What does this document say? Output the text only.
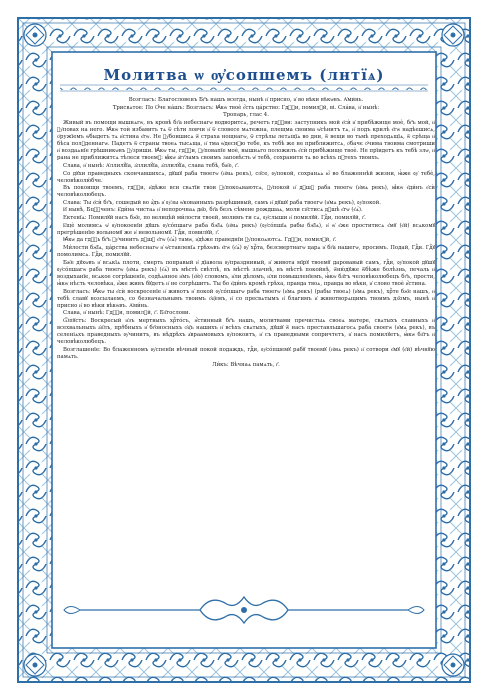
Молитва ѡ ѹ҆сопшемъ (лнтїѧ)

Возгласъ: Благословенъ Бг҃ъ нашъ всегда, нынѣ и҆ присно, и҆ во вѣки вѣкѡвъ. А҆ми́нь.

Трисвѧтое: По Ѻ҆́че на́шъ: Возгласъ: Ꙗ҆́кѡ твоѐ є҆́сть ца́рство: Гдⷭ҇и, помилꙋй, ві. Сла́ва, и҆ нынѣ:

Тропарь, глас 4.

Живый въ помощи вышнѧгѡ, въ кровѣ бг҃а небеснагѡ водворитсѧ, речетъ гдⷭ҇ви: заступникъ мой є҆сѝ и҆ прибѣжище моѐ, бг҃ъ мой, и҆ ᲂу҆повах на него. Ꙗ҆́кѡ тоѝ избавитъ тѧ ѿ сѣти ловчи и҆ ѿ словесе мѧтежна, плещма своима ѡ҆сѣнитъ тѧ, и҆ подъ крилѣ є҆гѡ надѣешисѧ, ѻ҆ружїемъ ѡ҆быдетъ тѧ и҆стина є҆гѡ. Не ᲂу҆боишисѧ ѿ страха нощнагѡ, ѿ стрѣлы летѧщїѧ во дни, ѿ вещи во тьмѣ преходѧщїѧ, ѿ срѣща и҆ бѣса полꙋденнагѡ. Падетъ ѿ страны твоеѧ тысѧща, и҆ тма ѡ҆деснꙋю тебе, къ тебѣ же не приближитсѧ, ѻ҆бачє ѻ҆чима твоима смотриши и҆ воздаѧнїе грѣшникѡвъ ᲂу҆зриши. Ꙗ҆́кѡ ты, гдⷭ҇и, ᲂу҆повапїе моѐ, вышнѧго положилъ є҆сѝ прибѣжище твоѐ. Не прїидетъ къ тебѣ злѡ, и҆ рана не приближитсѧ тѣлеси твоемꙋ: ꙗ҆́кѡ а҆гг҃ламъ своимъ заповѣсть ѡ҆ тебѣ, сохранити тѧ во всѣхъ пꙋтехъ твоихъ.

Слава, и҆ нынѣ: А҆ллилꙋ́їа, а҆ллилꙋ́їа, а҆ллилꙋ́їа, слава тебѣ, бж҃е, г҃.

Со дꙋхи праведныхъ скончавшихсѧ, дꙋшꙋ раба твоегѡ (и҆мѧ рекъ), сп҃се, ᲂу҆покой, сохранѧѧ ю҆̀ во блаженнѣй жизни, ꙗ҆́же ᲂу҆ тебѐ, человѣколю́бче.

Въ покоищи твоемъ, гдⷭ҇и, и҆дѣже вси свѧтїи твои ᲂу҆покоѧваютсѧ, ᲂу҆покой и҆ дꙋшꙋ раба твоегѡ (и҆мѧ рекъ), ꙗ҆́кѡ є҆ди́нъ є҆сѝ человѣколюбецъ.

Слава: Ты є҆сѝ бг҃ъ, сошедый во а҆́дъ и҆ ᲂу҆зы ѡ҆кованныхъ разрѣшивый, самъ и҆ дꙋшꙋ раба твоегѡ (и҆мѧ рекъ), ᲂу҆покой.

И҆ нынѣ, Бцⷣ҇ченъ: Е҆ди́на чистаѧ и҆ непорочнаѧ дв҃о, бг҃а безъ сѣмене рождшаѧ, моли сп҃стисѧ дꙋшѣ є҆гѡ (є҆ѧ̀).

Ектенїѧ: Помилꙋй насъ бж҃е, по велицѣй ми́лости твоей, молимъ ти сѧ, ᲂу҆слыши и҆ помилꙋй. Гдⷭ҇и, помилꙋй, г҃.

Е҆щѐ молимсѧ ѡ҆ ᲂу҆покоенїи дꙋшъ ᲂу҆со́пшагѡ раба бж҃їѧ (и҆мѧ рекъ) (ᲂу҆со́пшїѧ рабы бж҃їѧ), и҆ ѡ҆ є҆же проститисѧ є҆мꙋ (є҆й) всѧкомꙋ прегрѣшенїю вольномꙋ же и҆ невольномꙋ. Гдⷭ҇и, помилꙋй, г҃.

Ꙗ҆́кѡ да гдⷭ҇ь бг҃ъ ᲂу҆чинитъ дꙋшꙋ є҆гѡ (є҆ѧ̀) тамѡ, и҆дѣже праведнїи ᲂу҆покоѧютсѧ. Гдⷭ҇и, помилꙋй, г҃.

Ми́лости бж҃їѧ, ца́рства небеснагѡ и҆ ѡ҆ставленїѧ грѣхѡвъ є҆гѡ (є҆ѧ̀) ᲂу҆ хрⷭ҇та, безсмертнагѡ царѧ и҆ бг҃а нашегѡ, просимъ. Подай, Гдⷭ҇и. Гдⷭ҇ꙋ помолимсѧ. Гдⷭ҇и, помилꙋй.

Бж҃е дꙋхѡвъ и҆ всѧкїѧ плоти, смерть поправый и҆ дїавола ᲂу҆празднивый, и҆ живота мїрꙋ твоемꙋ даровавый самъ, гдⷭ҇и, ᲂу҆покой дꙋшꙋ ᲂу҆со́пшагѡ раба твоегѡ (и҆мѧ рекъ) (є҆ѧ̀) въ мѣстѣ свѣтлѣ, въ мѣстѣ злачнѣ, въ мѣстѣ покойнѣ, ѿню́дꙋже ѿбѣже болѣзнь, печаль и҆ воздыханїе, всѧкое согрѣшенїе, содѣѧнное и҆мъ (є҆ю̀) словомъ, и҆ли дѣломъ, и҆ли помышленїемъ, ꙗ҆́кѡ бл҃гъ человѣколюбецъ бг҃ъ, прости, ꙗ҆́кѡ нѣсть человѣка, и҆́же живъ бꙋдетъ и҆ не согрѣшитъ. Ты бо є҆ди́нъ кромѣ грѣха, правда твоѧ, правда во вѣки, и҆ слово твоѐ и҆́стина.

Возгласъ: Ꙗ҆́кѡ ты є҆сѝ воскресенїе и҆ животъ и҆ покой ᲂу҆со́пшагѡ раба твоегѡ (и҆мѧ рекъ) (рабы твоеѧ) (и҆мѧ рекъ), хрⷭ҇те бж҃е нашъ, и҆ тебѣ славꙋ возсылаемъ, со безначальнымъ твоимъ ѻ҆ц҃емъ, и҆ со пресвѧтымъ и҆ благимъ и҆ животворѧщимъ твоимъ дх҃омъ, нынѣ и҆ присно и҆ во вѣки вѣкѡвъ. А҆ми́нь.

Слава, и҆ нынѣ: Гдⷭ҇и, помилꙋй, г҃. Бл҃гослови.

Ѿпꙋстъ: Воскресый и҆зъ мертвыхъ хрⷭ҇то́съ, и҆́стинный бг҃ъ нашъ, молитвами пречистыѧ своеѧ матере, свѧтыхъ славныхъ и҆ всехвальныхъ а҆п҃лъ, прпⷣбныхъ и҆ бг҃оносныхъ ѻ҆ц҃ъ нашихъ и҆ всѣхъ свѧтыхъ, дꙋшꙋ ѿ насъ преставльшагосѧ раба своегѡ (и҆мѧ рекъ), въ селеніѧхъ праведныхъ ᲂу҆чинитъ, въ нѣдрѣхъ а҆враамовыхъ ᲂу҆покоитъ, и҆ съ праведными сопричтетъ, и҆ насъ помилꙋетъ, ꙗ҆́кѡ бл҃гъ и҆ человѣколюбецъ.

Возглашенїе: Во блаженномъ ᲂу҆спенїи вѣчный покой подаждь, гдⷭ҇и, ᲂу҆со́пшемꙋ рабꙋ твоемꙋ (и҆мѧ рекъ) и҆ сотвори є҆мꙋ (є҆й) вѣчнꙋю памѧть.

Ли́къ: Вѣчнаѧ памѧть, г҃.
